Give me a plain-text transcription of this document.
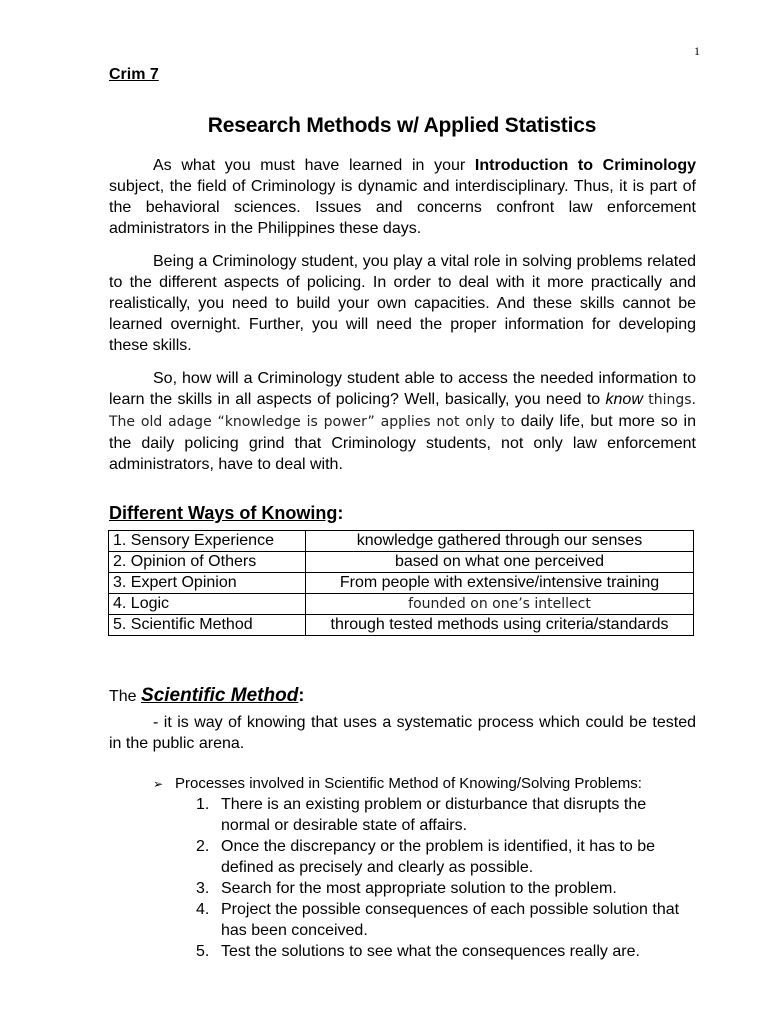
1
Crim 7
Research Methods w/ Applied Statistics

As what you must have learned in your Introduction to Criminology subject, the field of Criminology is dynamic and interdisciplinary. Thus, it is part of the behavioral sciences. Issues and concerns confront law enforcement administrators in the Philippines these days.

Being a Criminology student, you play a vital role in solving problems related to the different aspects of policing. In order to deal with it more practically and realistically, you need to build your own capacities. And these skills cannot be learned overnight. Further, you will need the proper information for developing these skills.

So, how will a Criminology student able to access the needed information to learn the skills in all aspects of policing? Well, basically, you need to know things. The old adage “knowledge is power” applies not only to daily life, but more so in the daily policing grind that Criminology students, not only law enforcement administrators, have to deal with.

Different Ways of Knowing:
1. Sensory Experience	knowledge gathered through our senses
2. Opinion of Others	based on what one perceived
3. Expert Opinion	From people with extensive/intensive training
4. Logic	founded on one’s intellect
5. Scientific Method	through tested methods using criteria/standards
The Scientific Method:

- it is way of knowing that uses a systematic process which could be tested in the public arena.

➢ Processes involved in Scientific Method of Knowing/Solving Problems:

1. There is an existing problem or disturbance that disrupts the normal or desirable state of affairs.
2. Once the discrepancy or the problem is identified, it has to be defined as precisely and clearly as possible.
3. Search for the most appropriate solution to the problem.
4. Project the possible consequences of each possible solution that has been conceived.
5. Test the solutions to see what the consequences really are.
